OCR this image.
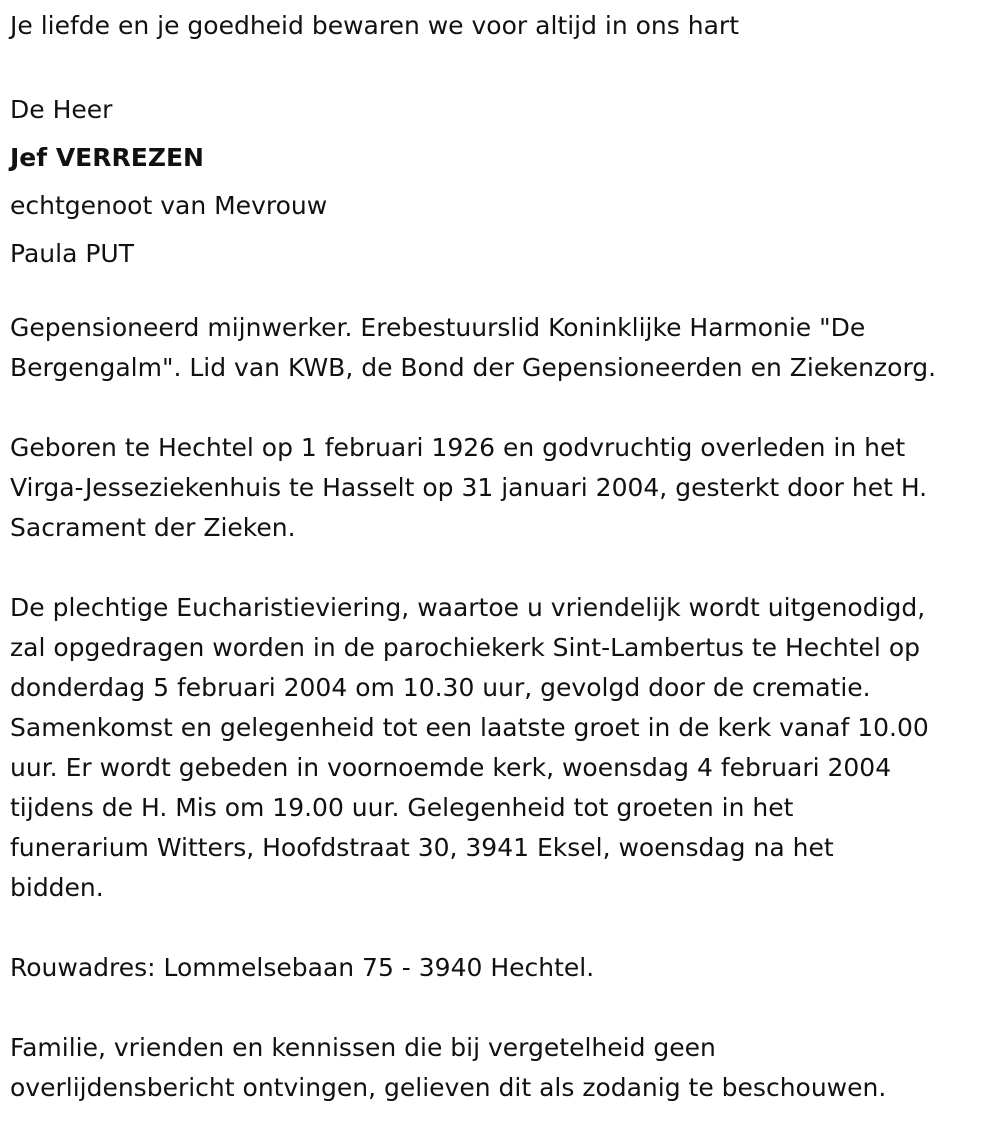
Je liefde en je goedheid bewaren we voor altijd in ons hart
De Heer
Jef VERREZEN
echtgenoot van Mevrouw
Paula PUT
Gepensioneerd mijnwerker. Erebestuurslid Koninklijke Harmonie "De
Bergengalm". Lid van KWB, de Bond der Gepensioneerden en Ziekenzorg.
Geboren te Hechtel op 1 februari 1926 en godvruchtig overleden in het
Virga-Jesseziekenhuis te Hasselt op 31 januari 2004, gesterkt door het H.
Sacrament der Zieken.
De plechtige Eucharistieviering, waartoe u vriendelijk wordt uitgenodigd,
zal opgedragen worden in de parochiekerk Sint-Lambertus te Hechtel op
donderdag 5 februari 2004 om 10.30 uur, gevolgd door de crematie.
Samenkomst en gelegenheid tot een laatste groet in de kerk vanaf 10.00
uur. Er wordt gebeden in voornoemde kerk, woensdag 4 februari 2004
tijdens de H. Mis om 19.00 uur. Gelegenheid tot groeten in het
funerarium Witters, Hoofdstraat 30, 3941 Eksel, woensdag na het
bidden.
Rouwadres: Lommelsebaan 75 - 3940 Hechtel.
Familie, vrienden en kennissen die bij vergetelheid geen
overlijdensbericht ontvingen, gelieven dit als zodanig te beschouwen.
